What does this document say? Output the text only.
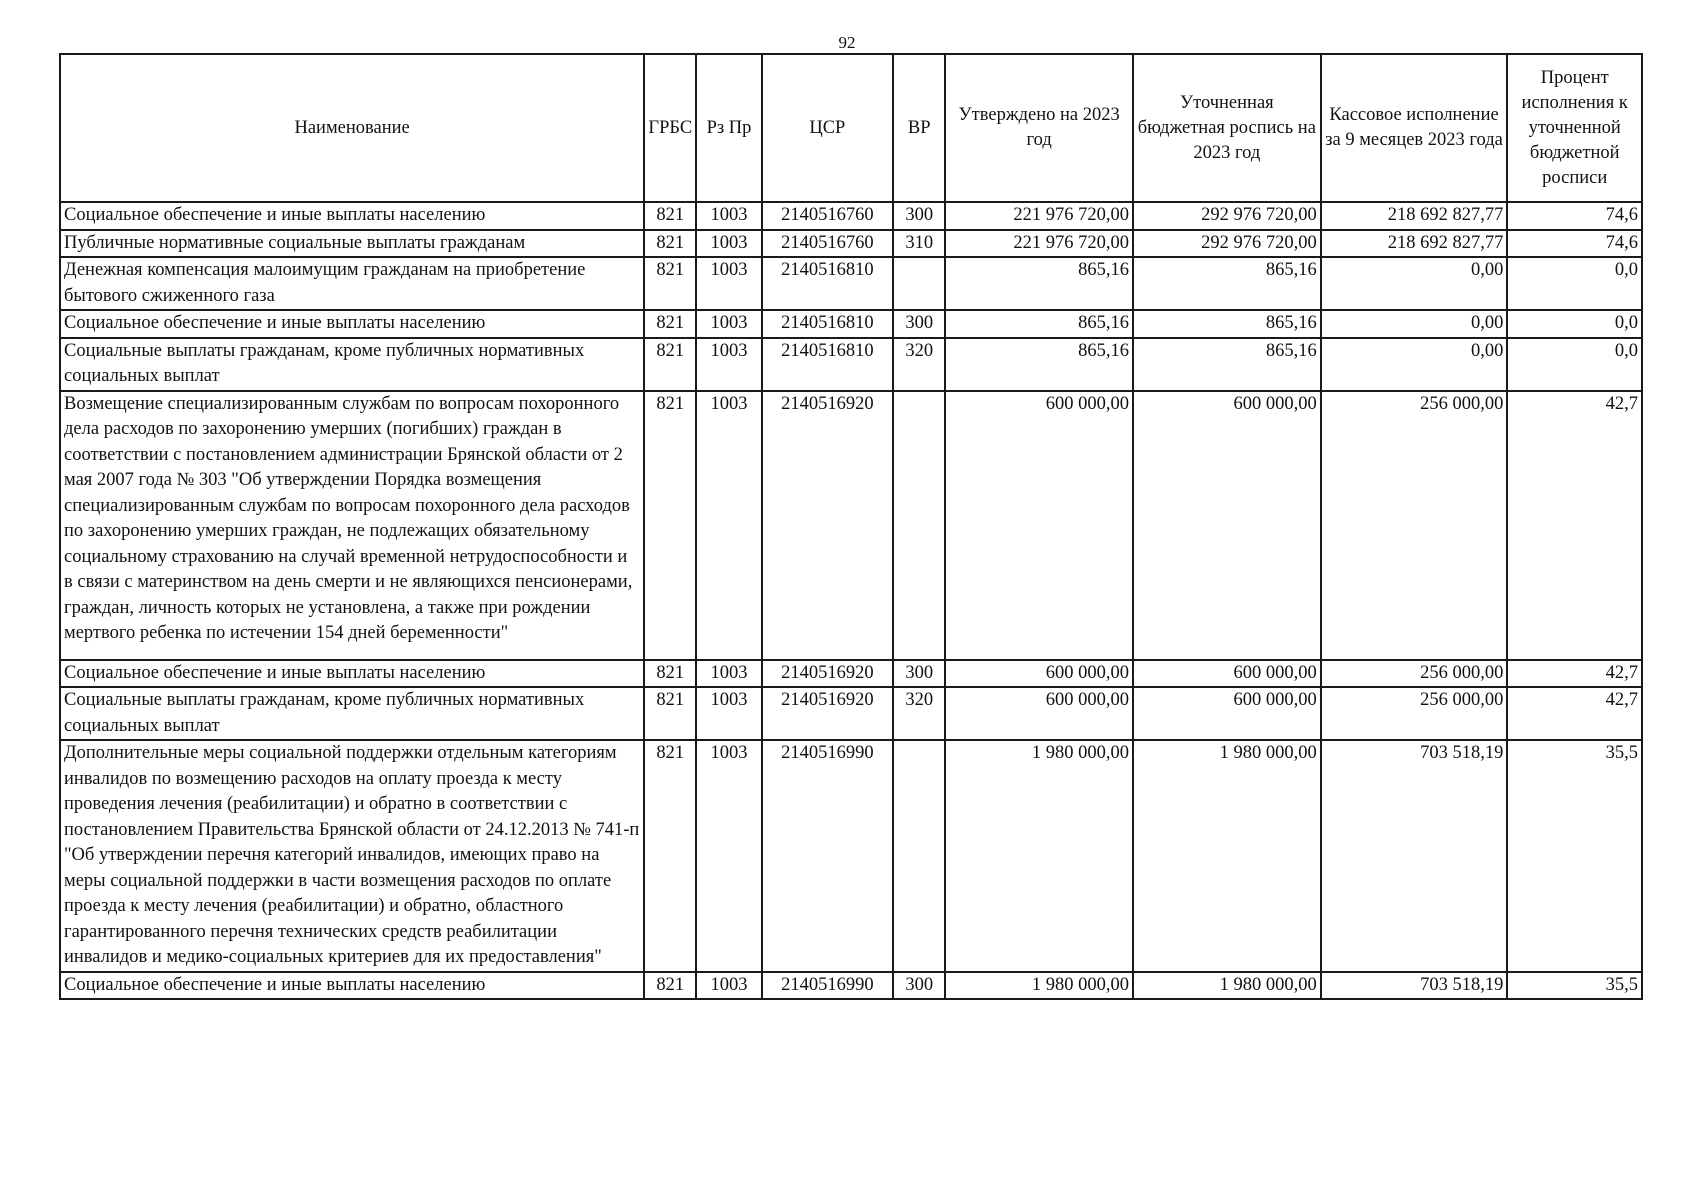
92
Наименование	ГРБС	Рз Пр	ЦСР	ВР	Утверждено на 2023 год	Уточненная бюджетная роспись на 2023 год	Кассовое исполнение за 9 месяцев 2023 года	Процент исполнения к уточненной бюджетной росписи
Социальное обеспечение и иные выплаты населению	821	1003	2140516760	300	221 976 720,00	292 976 720,00	218 692 827,77	74,6
Публичные нормативные социальные выплаты гражданам	821	1003	2140516760	310	221 976 720,00	292 976 720,00	218 692 827,77	74,6
Денежная компенсация малоимущим гражданам на приобретение бытового сжиженного газа	821	1003	2140516810		865,16	865,16	0,00	0,0
Социальное обеспечение и иные выплаты населению	821	1003	2140516810	300	865,16	865,16	0,00	0,0
Социальные выплаты гражданам, кроме публичных нормативных социальных выплат	821	1003	2140516810	320	865,16	865,16	0,00	0,0
Возмещение специализированным службам по вопросам похоронного дела расходов по захоронению умерших (погибших) граждан в соответствии с постановлением администрации Брянской области от 2 мая 2007 года № 303 "Об утверждении Порядка возмещения специализированным службам по вопросам похоронного дела расходов по захоронению умерших граждан, не подлежащих обязательному социальному страхованию на случай временной нетрудоспособности и в связи с материнством на день смерти и не являющихся пенсионерами, граждан, личность которых не установлена, а также при рождении мертвого ребенка по истечении 154 дней беременности"	821	1003	2140516920		600 000,00	600 000,00	256 000,00	42,7
Социальное обеспечение и иные выплаты населению	821	1003	2140516920	300	600 000,00	600 000,00	256 000,00	42,7
Социальные выплаты гражданам, кроме публичных нормативных социальных выплат	821	1003	2140516920	320	600 000,00	600 000,00	256 000,00	42,7
Дополнительные меры социальной поддержки отдельным категориям инвалидов по возмещению расходов на оплату проезда к месту проведения лечения (реабилитации) и обратно в соответствии с постановлением Правительства Брянской области от 24.12.2013 № 741-п "Об утверждении перечня категорий инвалидов, имеющих право на меры социальной поддержки в части возмещения расходов по оплате проезда к месту лечения (реабилитации) и обратно, областного гарантированного перечня технических средств реабилитации инвалидов и медико-социальных критериев для их предоставления"	821	1003	2140516990		1 980 000,00	1 980 000,00	703 518,19	35,5
Социальное обеспечение и иные выплаты населению	821	1003	2140516990	300	1 980 000,00	1 980 000,00	703 518,19	35,5
